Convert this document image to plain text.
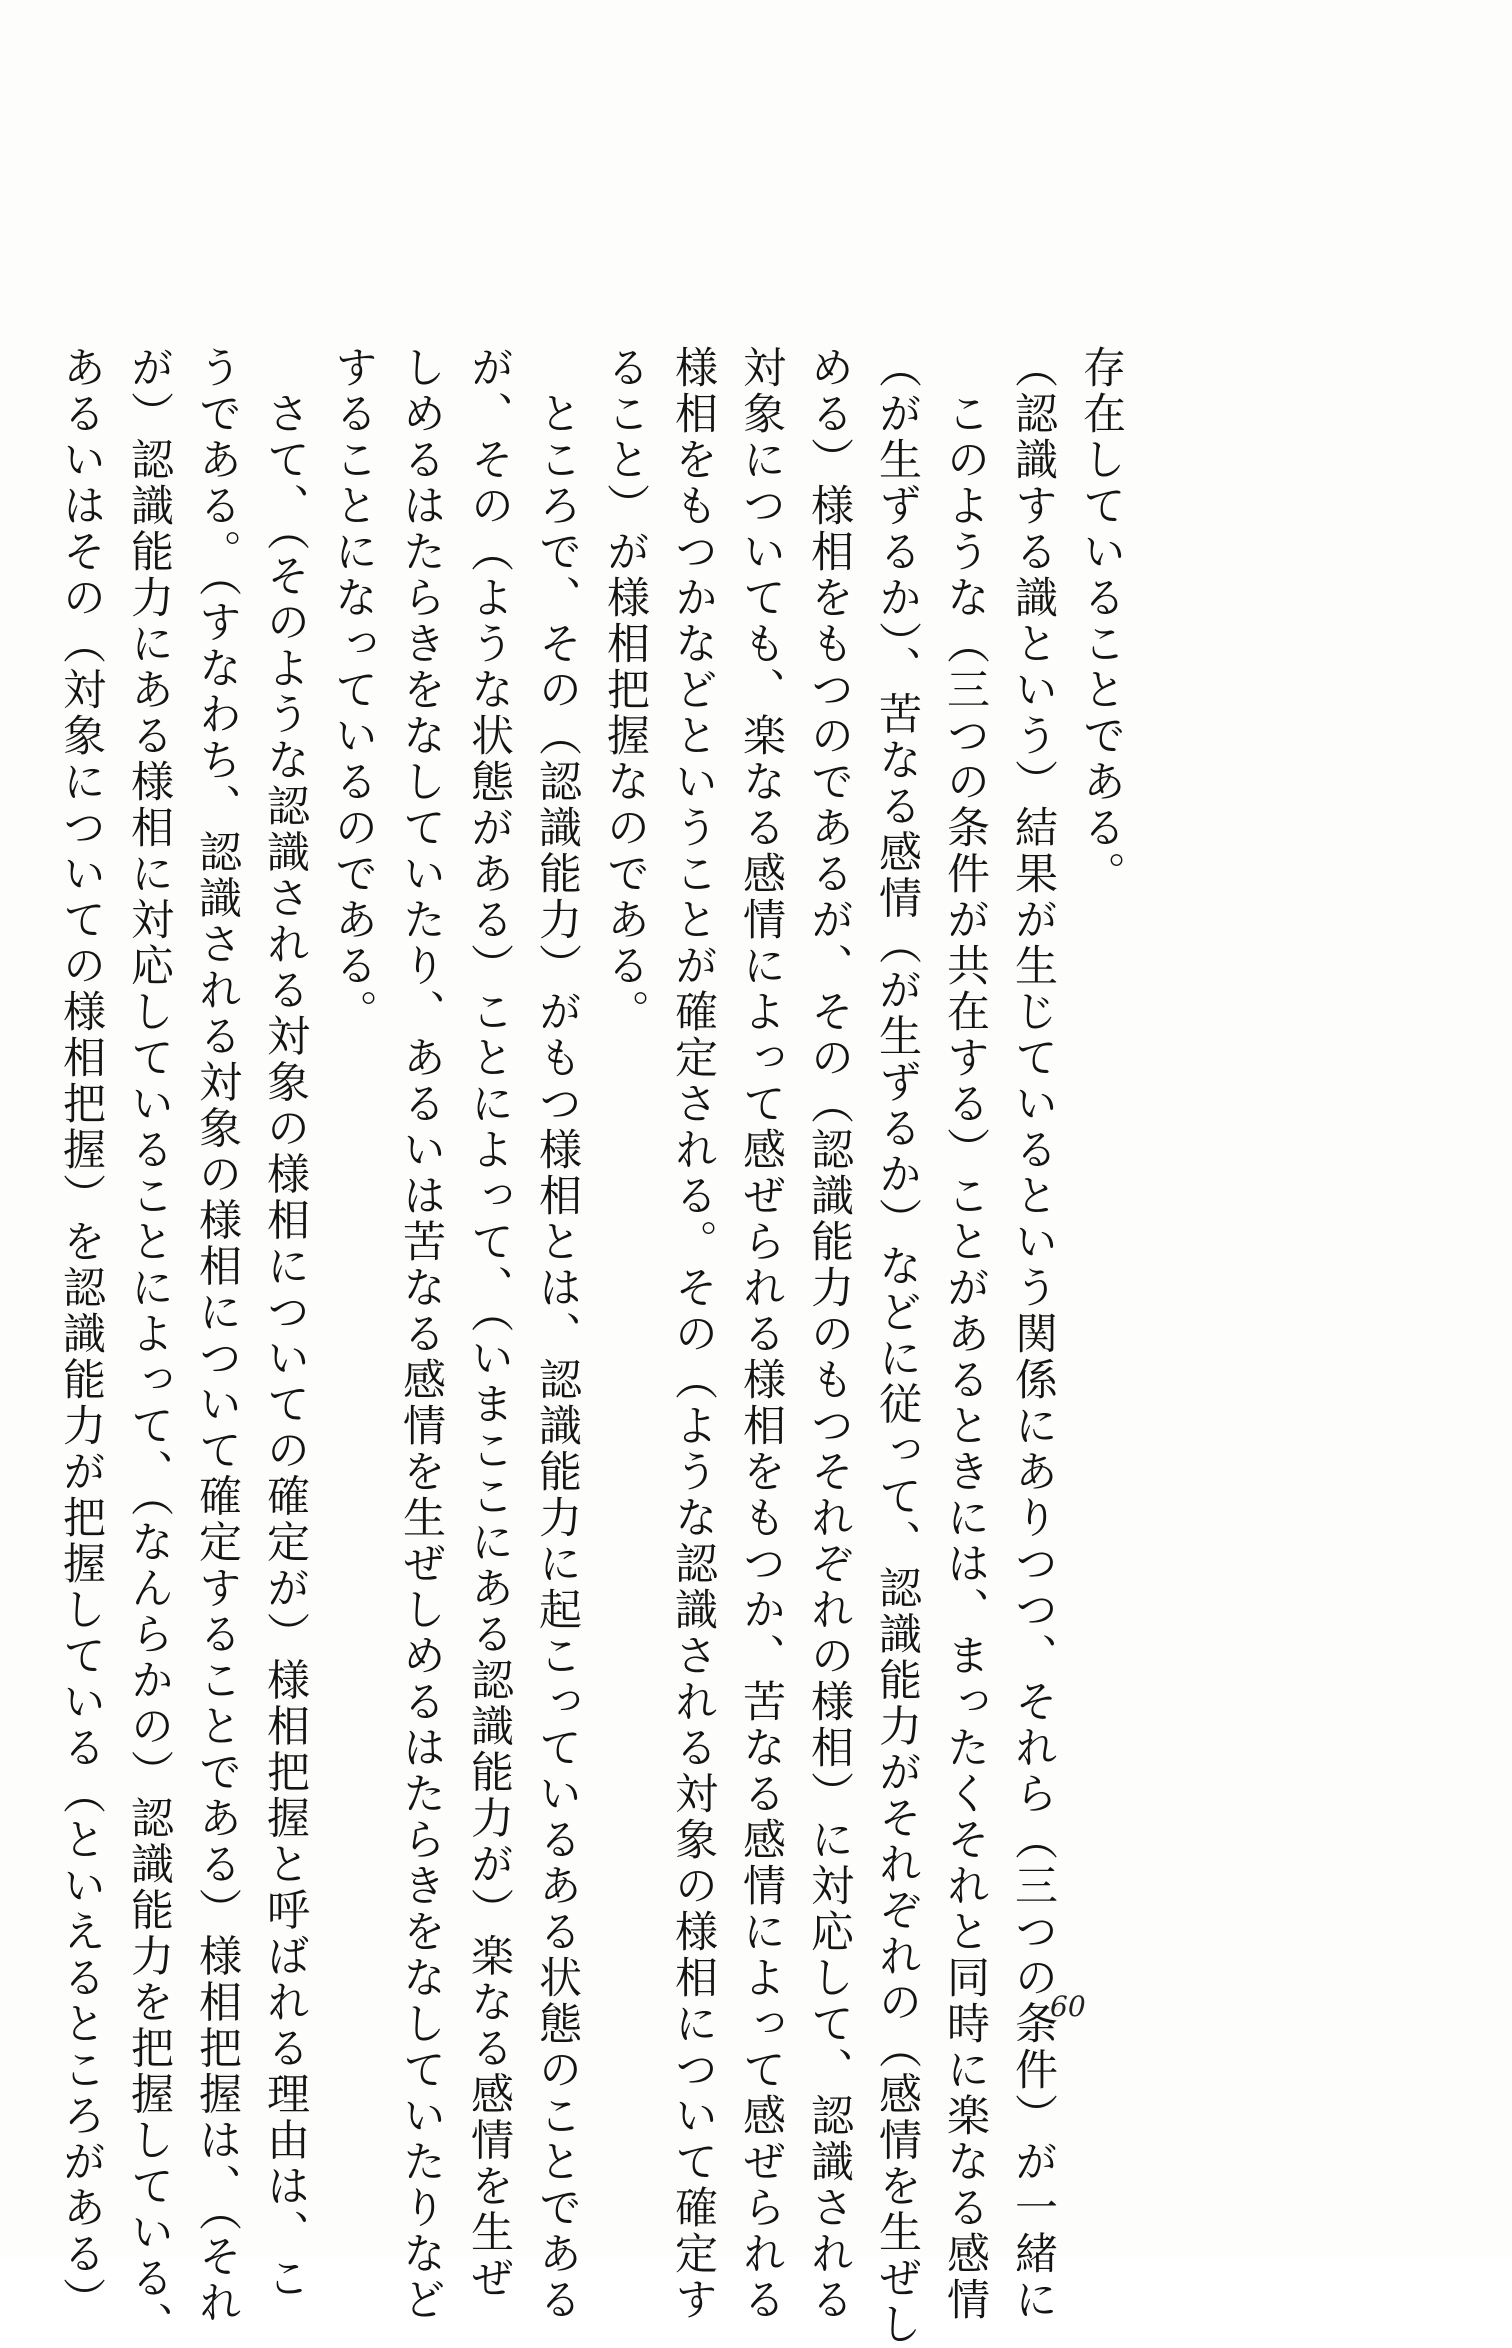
存在していることである。
（認識する識という）結果が生じているという関係にありつつ、それら（三つの条件）が一緒に
　このような（三つの条件が共在する）ことがあるときには、まったくそれと同時に楽なる感情
（が生ずるか）、苦なる感情（が生ずるか）などに従って、認識能力がそれぞれの（感情を生ぜし
める）様相をもつのであるが、その（認識能力のもつそれぞれの様相）に対応して、認識される
対象についても、楽なる感情によって感ぜられる様相をもつか、苦なる感情によって感ぜられる
様相をもつかなどということが確定される。その（ような認識される対象の様相について確定す
ること）が様相把握なのである。
　ところで、その（認識能力）がもつ様相とは、認識能力に起こっているある状態のことである
が、その（ような状態がある）ことによって、（いまここにある認識能力が）楽なる感情を生ぜ
しめるはたらきをなしていたり、あるいは苦なる感情を生ぜしめるはたらきをなしていたりなど
することになっているのである。
　さて、（そのような認識される対象の様相についての確定が）様相把握と呼ばれる理由は、こ
うである。（すなわち、認識される対象の様相について確定することである）様相把握は、（それ
が）認識能力にある様相に対応していることによって、（なんらかの）認識能力を把握している、
あるいはその（対象についての様相把握）を認識能力が把握している（といえるところがある）	60
